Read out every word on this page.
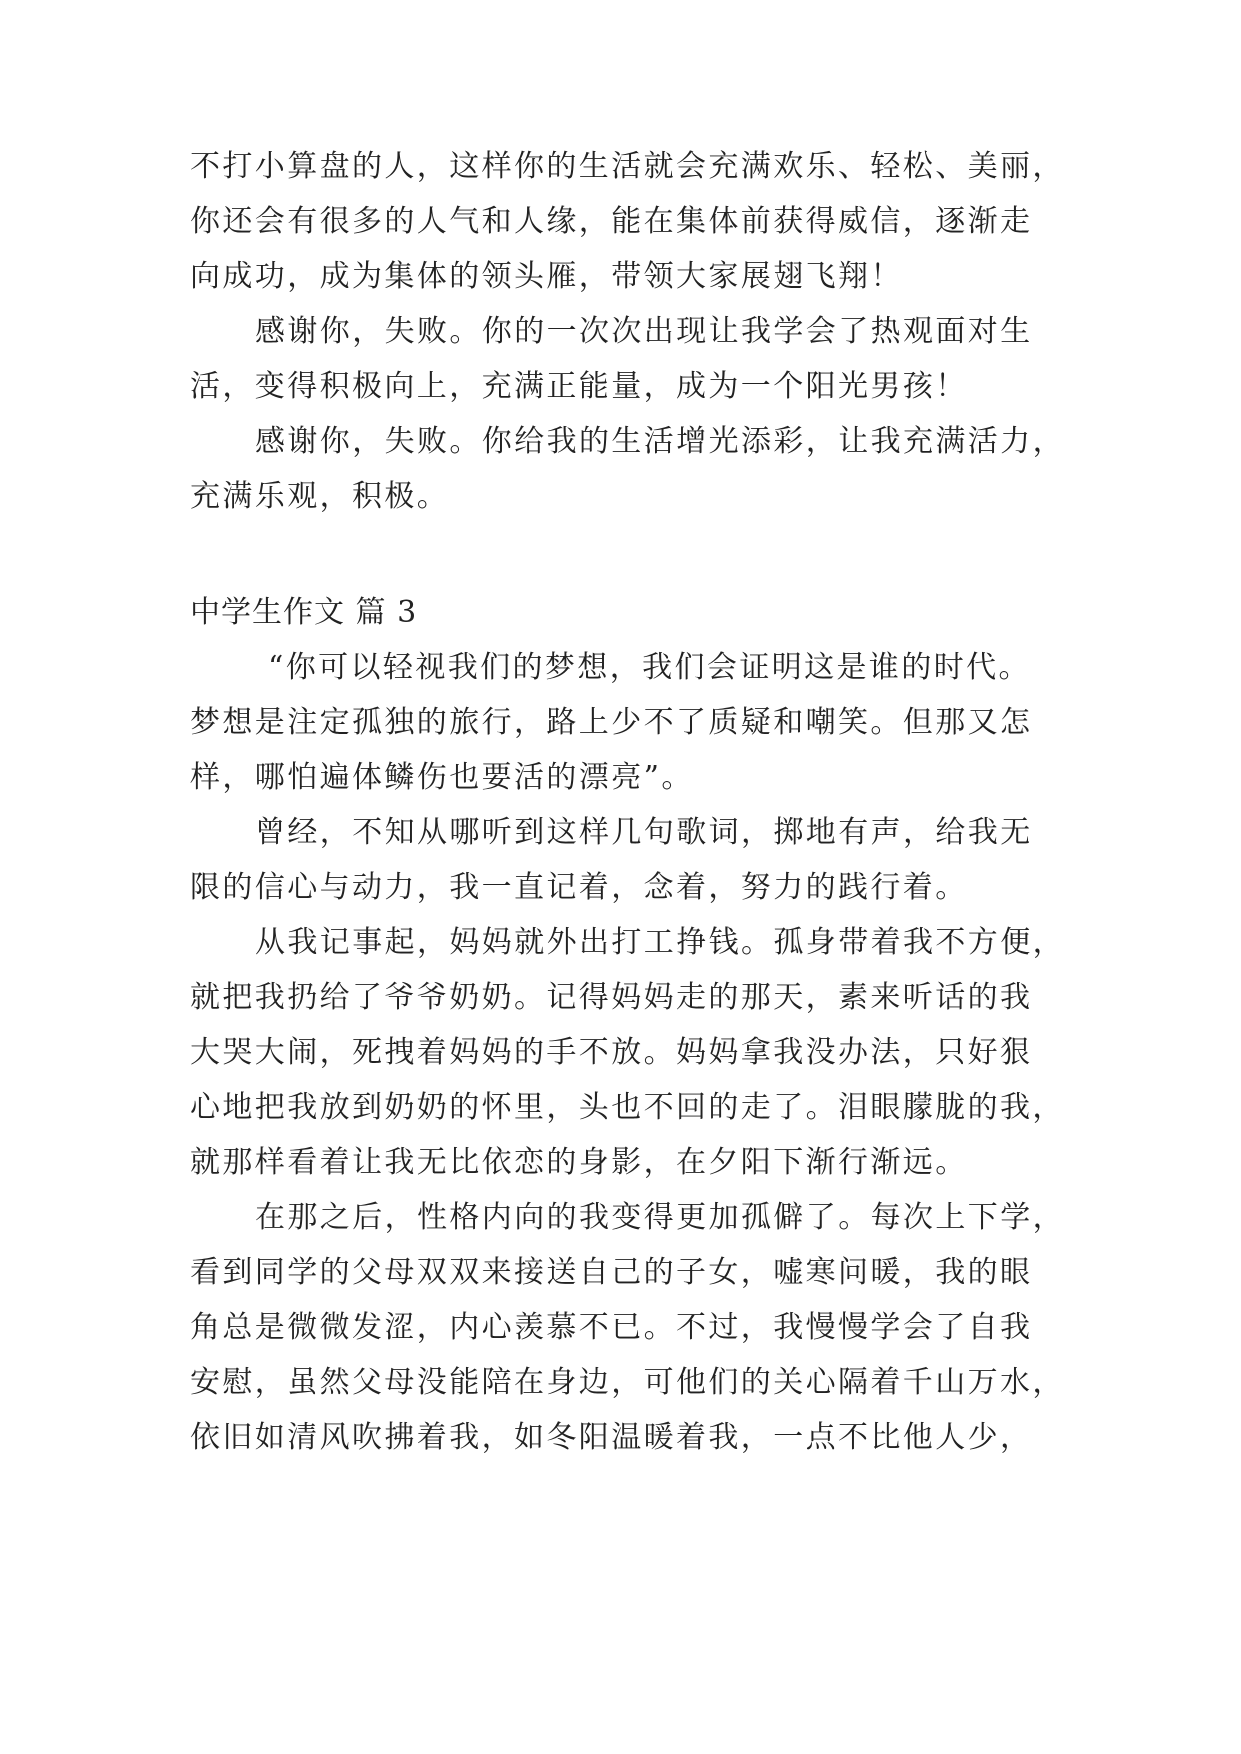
不打小算盘的人，这样你的生活就会充满欢乐、轻松、美丽，
你还会有很多的人气和人缘，能在集体前获得威信，逐渐走
向成功，成为集体的领头雁，带领大家展翅飞翔！
感谢你，失败。你的一次次出现让我学会了热观面对生
活，变得积极向上，充满正能量，成为一个阳光男孩！
感谢你，失败。你给我的生活增光添彩，让我充满活力，
充满乐观，积极。
中学生作文 篇 3
“你可以轻视我们的梦想，我们会证明这是谁的时代。
梦想是注定孤独的旅行，路上少不了质疑和嘲笑。但那又怎
样，哪怕遍体鳞伤也要活的漂亮”。
曾经，不知从哪听到这样几句歌词，掷地有声，给我无
限的信心与动力，我一直记着，念着，努力的践行着。
从我记事起，妈妈就外出打工挣钱。孤身带着我不方便，
就把我扔给了爷爷奶奶。记得妈妈走的那天，素来听话的我
大哭大闹，死拽着妈妈的手不放。妈妈拿我没办法，只好狠
心地把我放到奶奶的怀里，头也不回的走了。泪眼朦胧的我，
就那样看着让我无比依恋的身影，在夕阳下渐行渐远。
在那之后，性格内向的我变得更加孤僻了。每次上下学，
看到同学的父母双双来接送自己的子女，嘘寒问暖，我的眼
角总是微微发涩，内心羡慕不已。不过，我慢慢学会了自我
安慰，虽然父母没能陪在身边，可他们的关心隔着千山万水，
依旧如清风吹拂着我，如冬阳温暖着我，一点不比他人少，
